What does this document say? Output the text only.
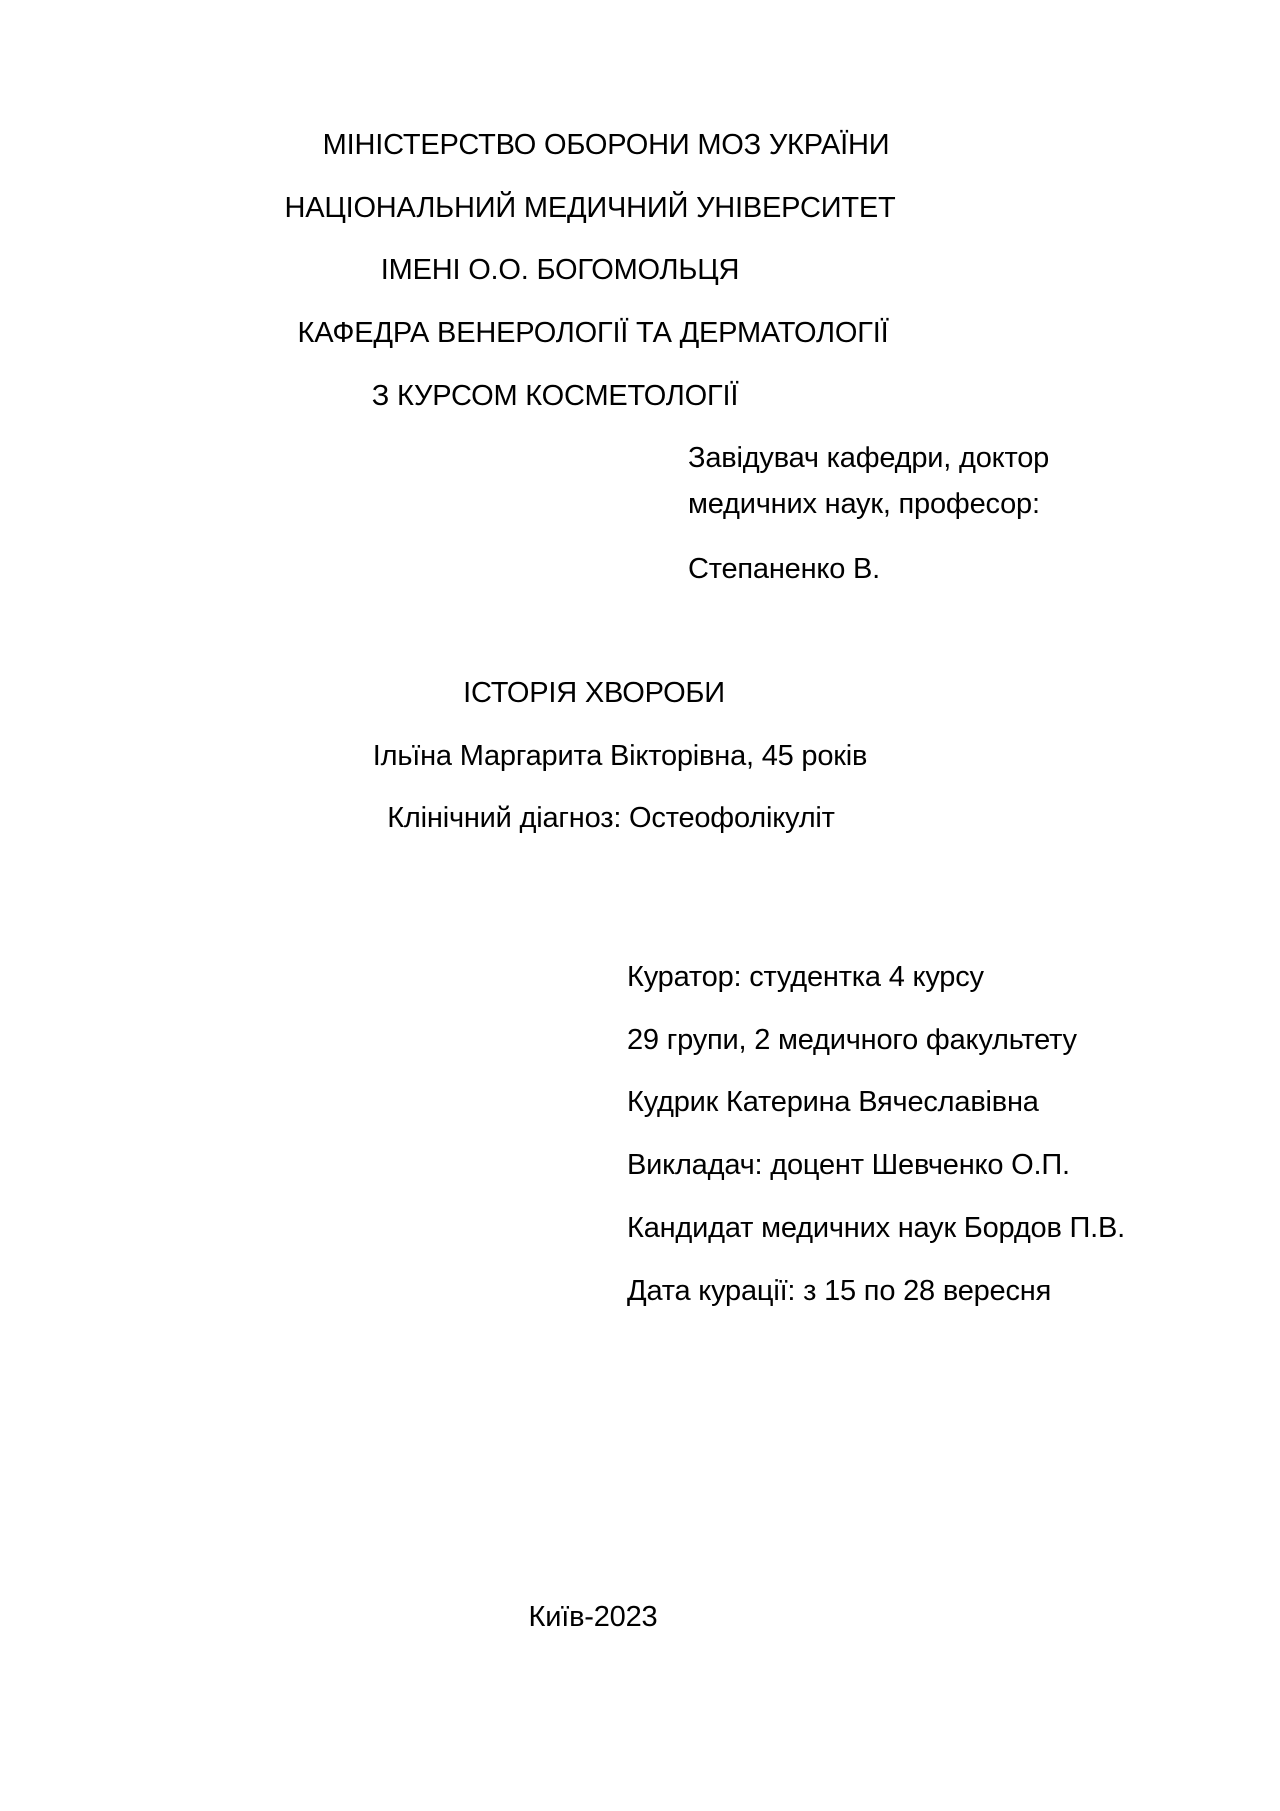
МІНІСТЕРСТВО ОБОРОНИ МОЗ УКРАЇНИ
НАЦІОНАЛЬНИЙ МЕДИЧНИЙ УНІВЕРСИТЕТ
ІМЕНІ О.О. БОГОМОЛЬЦЯ
КАФЕДРА ВЕНЕРОЛОГІЇ ТА ДЕРМАТОЛОГІЇ
З КУРСОМ КОСМЕТОЛОГІЇ
Завідувач кафедри, доктор
медичних наук, професор:
Степаненко В.
ІСТОРІЯ ХВОРОБИ
Ільїна Маргарита Вікторівна, 45 років
Клінічний діагноз: Остеофолікуліт
Куратор: студентка 4 курсу
29 групи, 2 медичного факультету
Кудрик Катерина Вячеславівна
Викладач: доцент Шевченко О.П.
Кандидат медичних наук Бордов П.В.
Дата курації: з 15 по 28 вересня
Київ-2023
